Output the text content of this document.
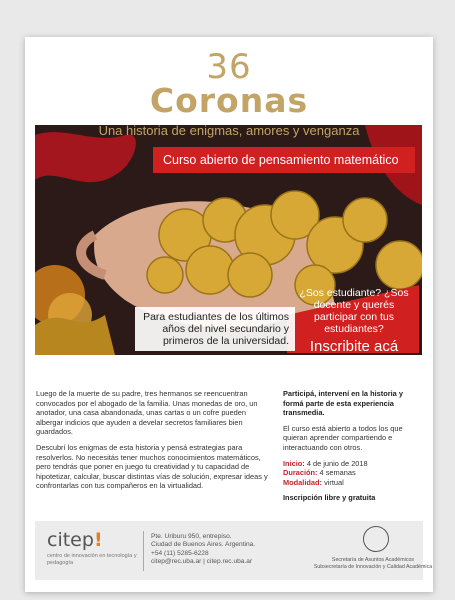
36
Coronas
Una historia de enigmas, amores y venganza
Curso abierto de pensamiento matemático
Para estudiantes de los últimos años del nivel secundario y primeros de la universidad.
¿Sos estudiante? ¿Sos docente y querés participar con tus estudiantes?
Inscribite acá

Luego de la muerte de su padre, tres hermanos se reencuentran convocados por el abogado de la familia. Unas monedas de oro, un anotador, una casa abandonada, unas cartas o un cofre pueden albergar indicios que ayuden a develar secretos familiares bien guardados.

Descubrí los enigmas de esta historia y pensá estrategias para resolverlos. No necesitás tener muchos conocimientos matemáticos, pero tendrás que poner en juego tu creatividad y tu capacidad de hipotetizar, calcular, buscar distintas vías de solución, expresar ideas y confrontarlas con tus compañeros en la virtualidad.

Participá, intervení en la historia y formá parte de esta experiencia transmedia.

El curso está abierto a todos los que quieran aprender compartiendo e interactuando con otros.

Inicio: 4 de junio de 2018
Duración: 4 semanas
Modalidad: virtual

Inscripción libre y gratuita

citep!
centro de innovación en tecnología y pedagogía
Pte. Uriburu 950, entrepiso.
Ciudad de Buenos Aires. Argentina.
+54 (11) 5285-6228
citep@rec.uba.ar | citep.rec.uba.ar	Secretaría de Asuntos Académicos
Subsecretaría de Innovación y Calidad Académica
